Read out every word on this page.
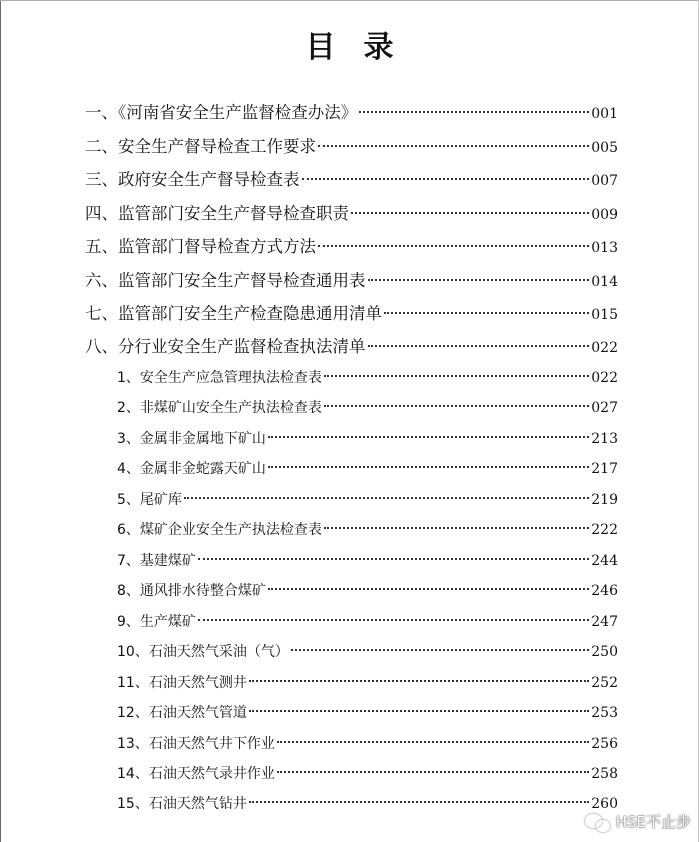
目 录
一、《河南省安全生产监督检查办法》	001
二、安全生产督导检查工作要求	005
三、政府安全生产督导检查表	007
四、监管部门安全生产督导检查职责	009
五、监管部门督导检查方式方法	013
六、监管部门安全生产督导检查通用表	014
七、监管部门安全生产检查隐患通用清单	015
八、分行业安全生产监督检查执法清单	022
1、安全生产应急管理执法检查表	022
2、非煤矿山安全生产执法检查表	027
3、金属非金属地下矿山	213
4、金属非金蛇露天矿山	217
5、尾矿库	219
6、煤矿企业安全生产执法检查表	222
7、基建煤矿	244
8、通风排水待整合煤矿	246
9、生产煤矿	247
10、石油天然气采油（气）	250
11、石油天然气测井	252
12、石油天然气管道	253
13、石油天然气井下作业	256
14、石油天然气录井作业	258
15、石油天然气钻井	260
HSE不止步
